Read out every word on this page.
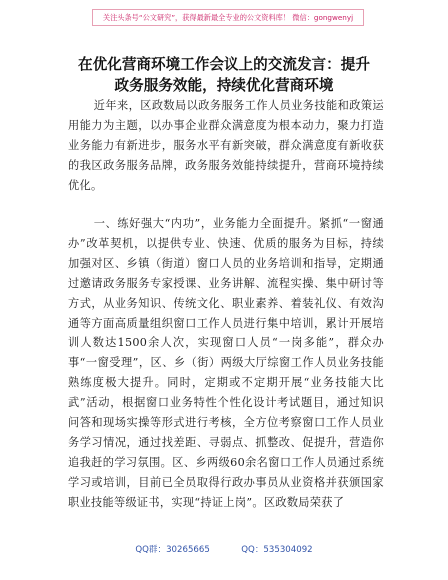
关注头条号“公文研究”，获得最新最全专业的公文资料库！ 微信：gongwenyj
在优化营商环境工作会议上的交流发言：提升
政务服务效能，持续优化营商环境

近年来，区政数局以政务服务工作人员业务技能和政策运用能力为主题，以办事企业群众满意度为根本动力，聚力打造业务能力有新进步，服务水平有新突破，群众满意度有新收获的我区政务服务品牌，政务服务效能持续提升，营商环境持续优化。

一、练好强大“内功”，业务能力全面提升。紧抓“一窗通办”改革契机，以提供专业、快速、优质的服务为目标，持续加强对区、乡镇（街道）窗口人员的业务培训和指导，定期通过邀请政务服务专家授课、业务讲解、流程实操、集中研讨等方式，从业务知识、传统文化、职业素养、着装礼仪、有效沟通等方面高质量组织窗口工作人员进行集中培训，累计开展培训人数达1500余人次，实现窗口人员“一岗多能”，群众办事“一窗受理”，区、乡（街）两级大厅综窗工作人员业务技能熟练度极大提升。同时，定期或不定期开展“业务技能大比武”活动，根据窗口业务特性个性化设计考试题目，通过知识问答和现场实操等形式进行考核，全方位考察窗口工作人员业务学习情况，通过找差距、寻弱点、抓整改、促提升，营造你追我赶的学习氛围。区、乡两级60余名窗口工作人员通过系统学习或培训，目前已全员取得行政办事员从业资格并获颁国家职业技能等级证书，实现“持证上岗”。区政数局荣获了

QQ群：30265665	QQ：535304092
